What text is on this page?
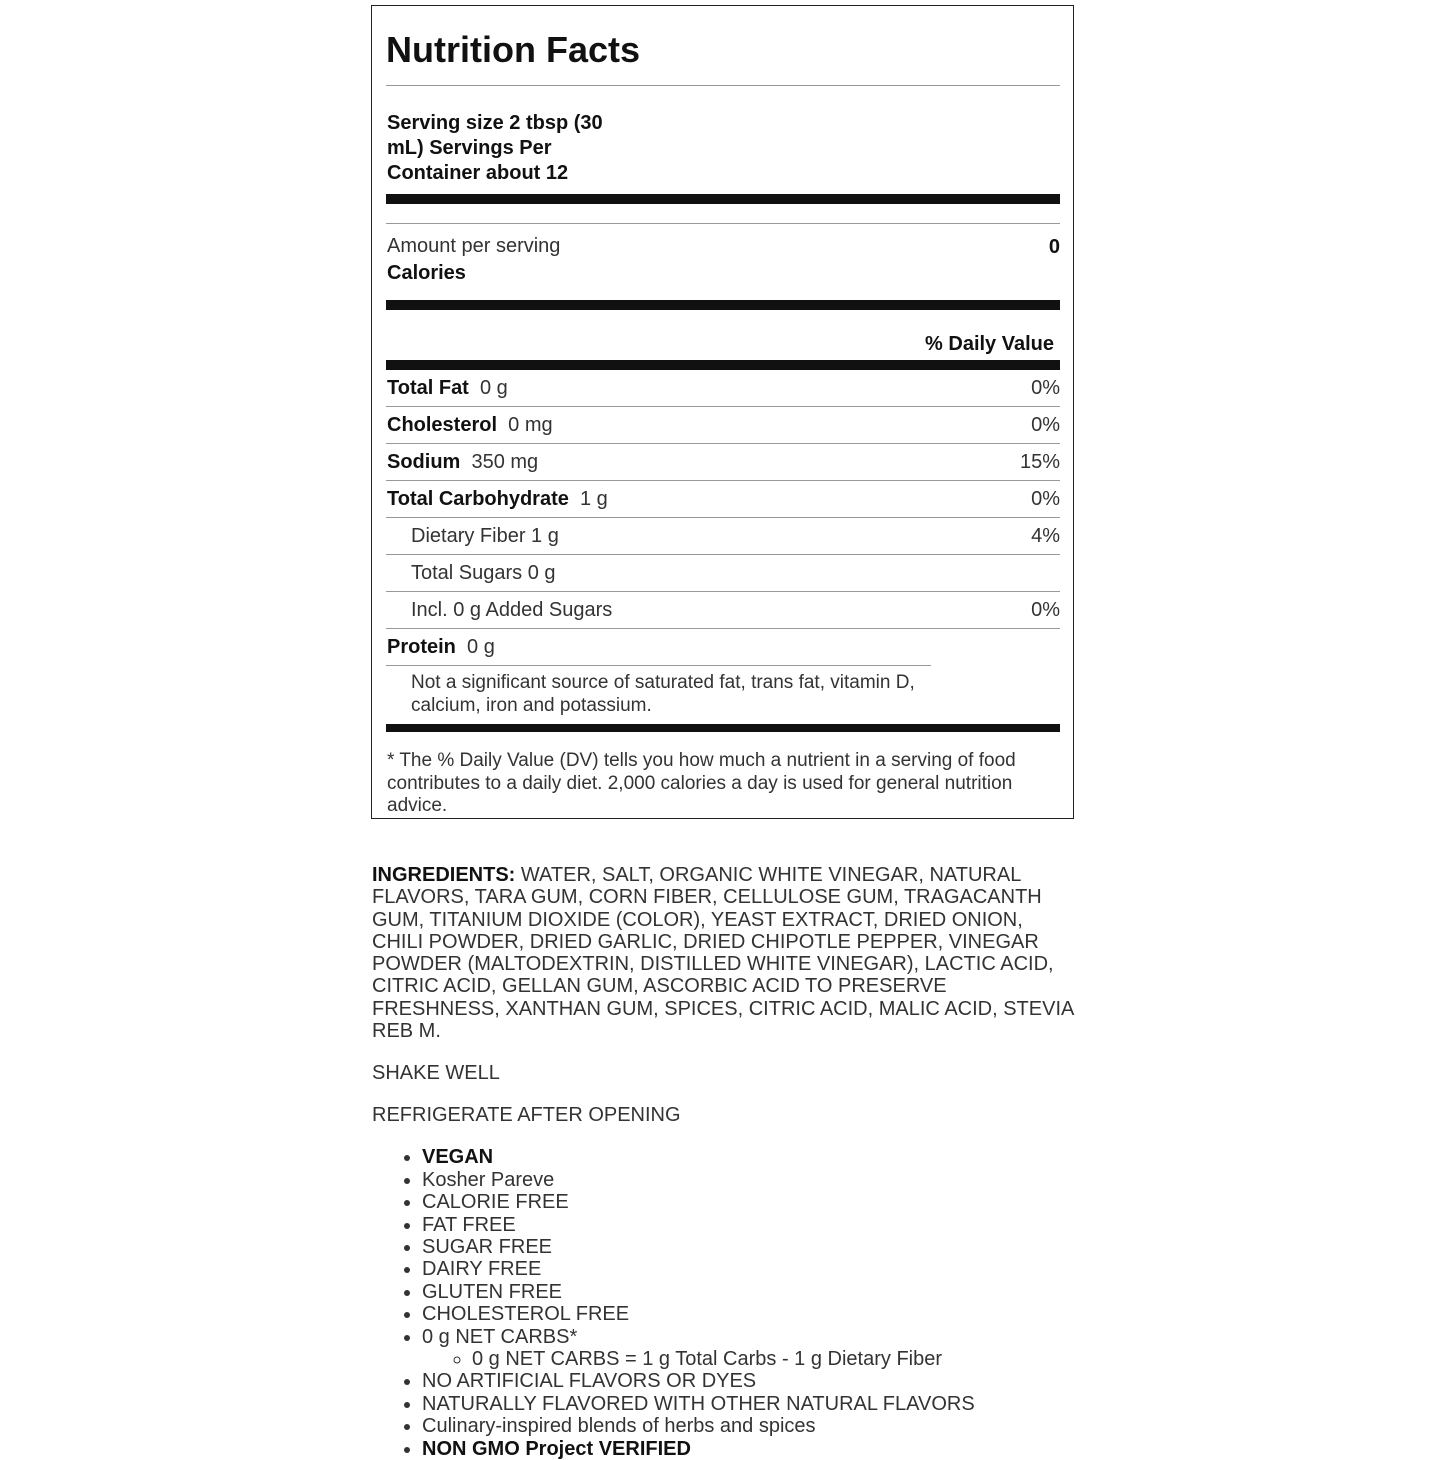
Nutrition Facts
Serving size 2 tbsp (30 mL) Servings Per Container about 12
Amount per serving
Calories
0
% Daily Value
Total Fat 0 g	0%
Cholesterol 0 mg	0%
Sodium 350 mg	15%
Total Carbohydrate 1 g	0%
Dietary Fiber 1 g	4%
Total Sugars 0 g
Incl. 0 g Added Sugars	0%
Protein 0 g
Not a significant source of saturated fat, trans fat, vitamin D, calcium, iron and potassium.
* The % Daily Value (DV) tells you how much a nutrient in a serving of food contributes to a daily diet. 2,000 calories a day is used for general nutrition advice.

INGREDIENTS: WATER, SALT, ORGANIC WHITE VINEGAR, NATURAL FLAVORS, TARA GUM, CORN FIBER, CELLULOSE GUM, TRAGACANTH GUM, TITANIUM DIOXIDE (COLOR), YEAST EXTRACT, DRIED ONION, CHILI POWDER, DRIED GARLIC, DRIED CHIPOTLE PEPPER, VINEGAR POWDER (MALTODEXTRIN, DISTILLED WHITE VINEGAR), LACTIC ACID, CITRIC ACID, GELLAN GUM, ASCORBIC ACID TO PRESERVE FRESHNESS, XANTHAN GUM, SPICES, CITRIC ACID, MALIC ACID, STEVIA REB M.

SHAKE WELL
REFRIGERATE AFTER OPENING
• VEGAN
• Kosher Pareve
• CALORIE FREE
• FAT FREE
• SUGAR FREE
• DAIRY FREE
• GLUTEN FREE
• CHOLESTEROL FREE
• 0 g NET CARBS*
◦ 0 g NET CARBS = 1 g Total Carbs - 1 g Dietary Fiber
• NO ARTIFICIAL FLAVORS OR DYES
• NATURALLY FLAVORED WITH OTHER NATURAL FLAVORS
• Culinary-inspired blends of herbs and spices
• NON GMO Project VERIFIED
